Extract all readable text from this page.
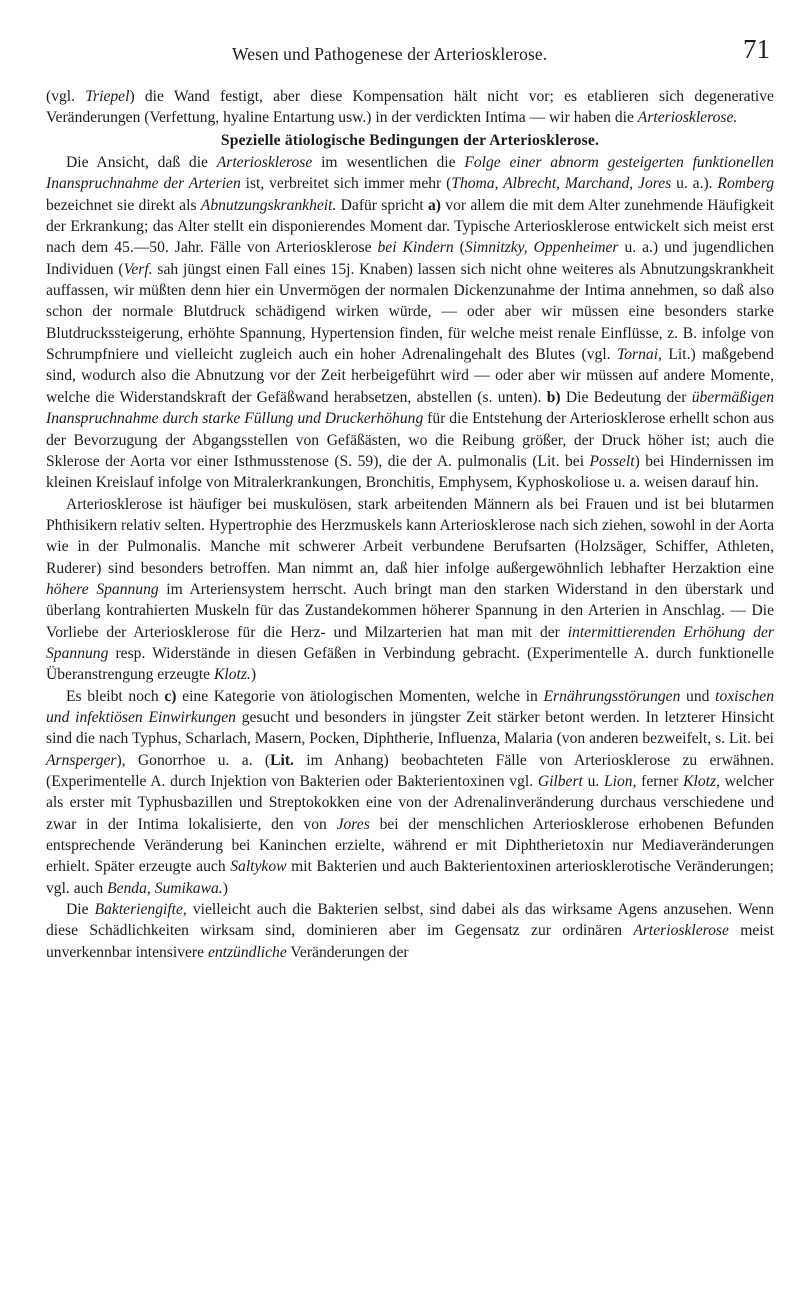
Wesen und Pathogenese der Arteriosklerose.	71

(vgl. Triepel) die Wand festigt, aber diese Kompensation hält nicht vor; es etablieren sich degenerative Veränderungen (Verfettung, hyaline Entartung usw.) in der verdickten Intima — wir haben die Arteriosklerose.

Spezielle ätiologische Bedingungen der Arteriosklerose.

Die Ansicht, daß die Arteriosklerose im wesentlichen die Folge einer abnorm gesteigerten funktionellen Inanspruchnahme der Arterien ist, verbreitet sich immer mehr (Thoma, Albrecht, Marchand, Jores u. a.). Romberg bezeichnet sie direkt als Abnutzungskrankheit. Dafür spricht a) vor allem die mit dem Alter zunehmende Häufigkeit der Erkrankung; das Alter stellt ein disponierendes Moment dar. Typische Arteriosklerose entwickelt sich meist erst nach dem 45.—50. Jahr. Fälle von Arteriosklerose bei Kindern (Simnitzky, Oppenheimer u. a.) und jugendlichen Individuen (Verf. sah jüngst einen Fall eines 15j. Knaben) lassen sich nicht ohne weiteres als Abnutzungskrankheit auffassen, wir müßten denn hier ein Unvermögen der normalen Dickenzunahme der Intima annehmen, so daß also schon der normale Blutdruck schädigend wirken würde, — oder aber wir müssen eine besonders starke Blutdruckssteigerung, erhöhte Spannung, Hypertension finden, für welche meist renale Einflüsse, z. B. infolge von Schrumpfniere und vielleicht zugleich auch ein hoher Adrenalingehalt des Blutes (vgl. Tornai, Lit.) maßgebend sind, wodurch also die Abnutzung vor der Zeit herbeigeführt wird — oder aber wir müssen auf andere Momente, welche die Widerstandskraft der Gefäßwand herabsetzen, abstellen (s. unten). b) Die Bedeutung der übermäßigen Inanspruchnahme durch starke Füllung und Druckerhöhung für die Entstehung der Arteriosklerose erhellt schon aus der Bevorzugung der Abgangsstellen von Gefäßästen, wo die Reibung größer, der Druck höher ist; auch die Sklerose der Aorta vor einer Isthmusstenose (S. 59), die der A. pulmonalis (Lit. bei Posselt) bei Hindernissen im kleinen Kreislauf infolge von Mitralerkrankungen, Bronchitis, Emphysem, Kyphoskoliose u. a. weisen darauf hin.

Arteriosklerose ist häufiger bei muskulösen, stark arbeitenden Männern als bei Frauen und ist bei blutarmen Phthisikern relativ selten. Hypertrophie des Herzmuskels kann Arteriosklerose nach sich ziehen, sowohl in der Aorta wie in der Pulmonalis. Manche mit schwerer Arbeit verbundene Berufsarten (Holzsäger, Schiffer, Athleten, Ruderer) sind besonders betroffen. Man nimmt an, daß hier infolge außergewöhnlich lebhafter Herzaktion eine höhere Spannung im Arteriensystem herrscht. Auch bringt man den starken Widerstand in den überstark und überlang kontrahierten Muskeln für das Zustandekommen höherer Spannung in den Arterien in Anschlag. — Die Vorliebe der Arteriosklerose für die Herz- und Milzarterien hat man mit der intermittierenden Erhöhung der Spannung resp. Widerstände in diesen Gefäßen in Verbindung gebracht. (Experimentelle A. durch funktionelle Überanstrengung erzeugte Klotz.)

Es bleibt noch c) eine Kategorie von ätiologischen Momenten, welche in Ernährungsstörungen und toxischen und infektiösen Einwirkungen gesucht und besonders in jüngster Zeit stärker betont werden. In letzterer Hinsicht sind die nach Typhus, Scharlach, Masern, Pocken, Diphtherie, Influenza, Malaria (von anderen bezweifelt, s. Lit. bei Arnsperger), Gonorrhoe u. a. (Lit. im Anhang) beobachteten Fälle von Arteriosklerose zu erwähnen. (Experimentelle A. durch Injektion von Bakterien oder Bakterientoxinen vgl. Gilbert u. Lion, ferner Klotz, welcher als erster mit Typhusbazillen und Streptokokken eine von der Adrenalinveränderung durchaus verschiedene und zwar in der Intima lokalisierte, den von Jores bei der menschlichen Arteriosklerose erhobenen Befunden entsprechende Veränderung bei Kaninchen erzielte, während er mit Diphtherietoxin nur Mediaveränderungen erhielt. Später erzeugte auch Saltykow mit Bakterien und auch Bakterientoxinen arteriosklerotische Veränderungen; vgl. auch Benda, Sumikawa.)

Die Bakteriengifte, vielleicht auch die Bakterien selbst, sind dabei als das wirksame Agens anzusehen. Wenn diese Schädlichkeiten wirksam sind, dominieren aber im Gegensatz zur ordinären Arteriosklerose meist unverkennbar intensivere entzündliche Veränderungen der
